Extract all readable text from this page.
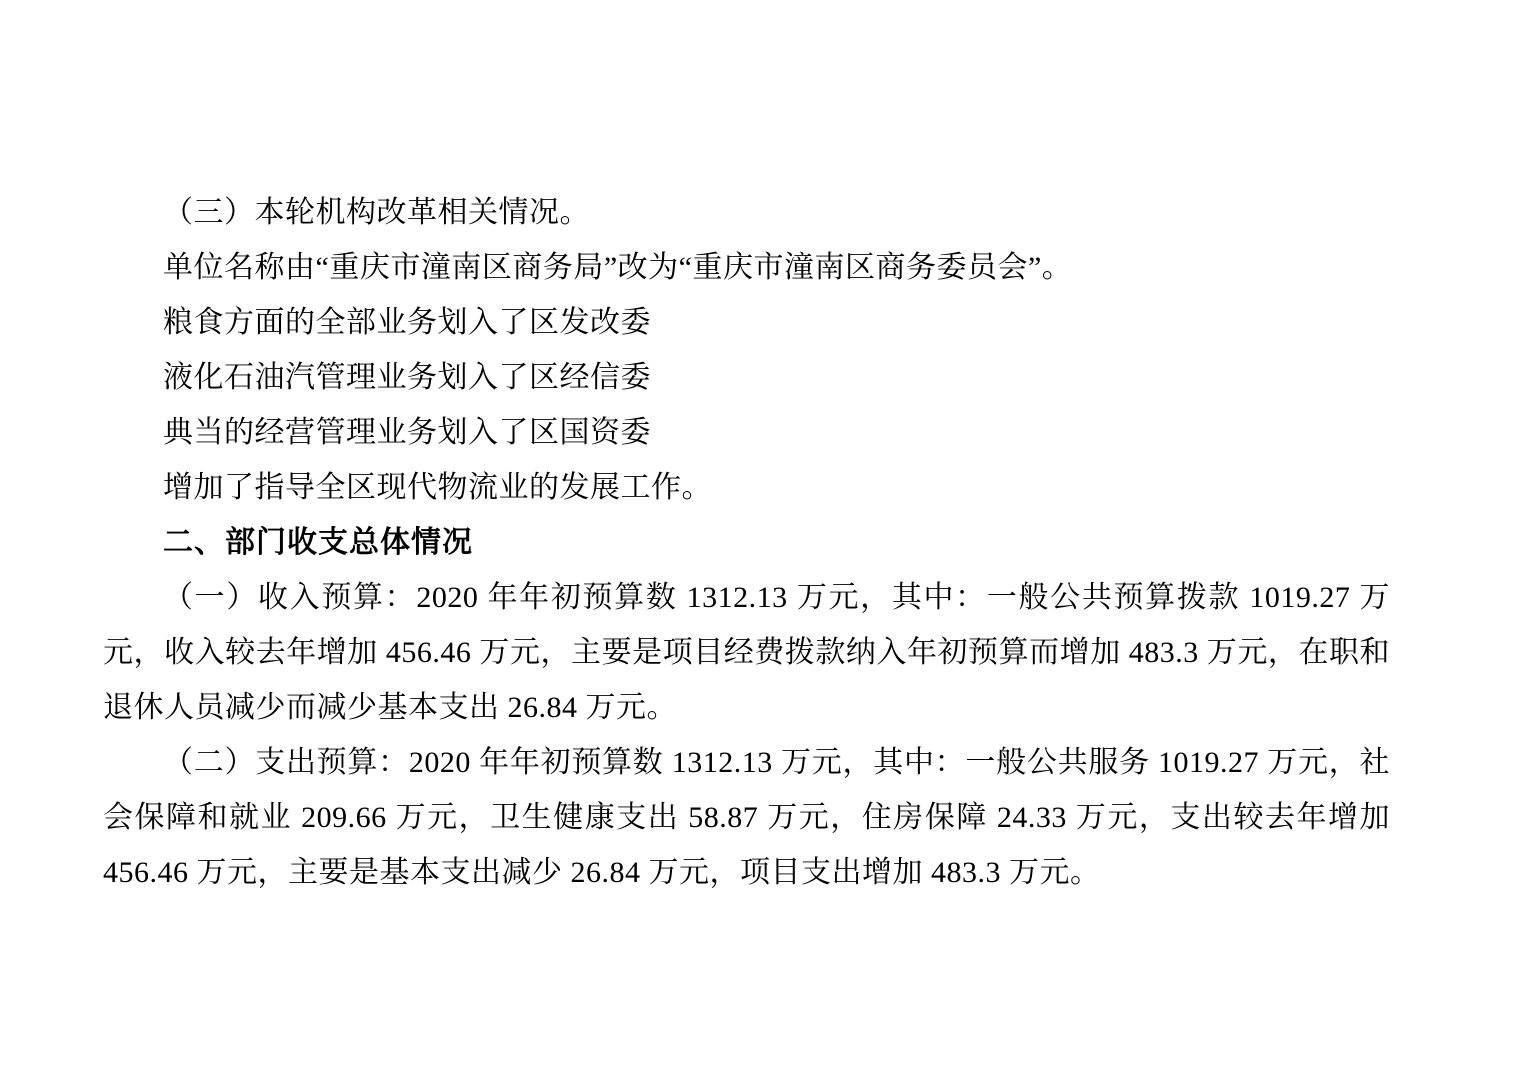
（三）本轮机构改革相关情况。

单位名称由“重庆市潼南区商务局”改为“重庆市潼南区商务委员会”。

粮食方面的全部业务划入了区发改委

液化石油汽管理业务划入了区经信委

典当的经营管理业务划入了区国资委

增加了指导全区现代物流业的发展工作。

二、部门收支总体情况

（一）收入预算：2020 年年初预算数 1312.13 万元，其中：一般公共预算拨款 1019.27 万元，收入较去年增加 456.46 万元，主要是项目经费拨款纳入年初预算而增加 483.3 万元，在职和退休人员减少而减少基本支出 26.84 万元。

（二）支出预算：2020 年年初预算数 1312.13 万元，其中：一般公共服务 1019.27 万元，社会保障和就业 209.66 万元，卫生健康支出 58.87 万元，住房保障 24.33 万元，支出较去年增加 456.46 万元，主要是基本支出减少 26.84 万元，项目支出增加 483.3 万元。
